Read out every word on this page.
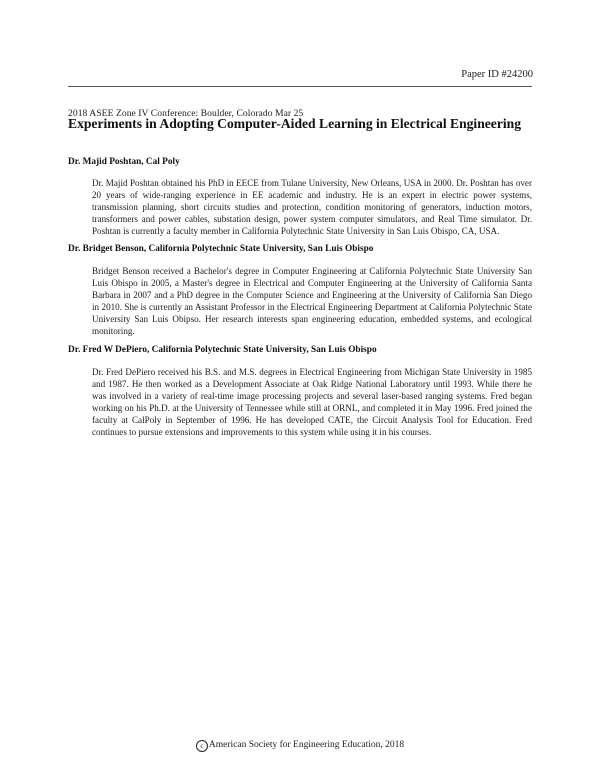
Paper ID #24200
2018 ASEE Zone IV Conference: Boulder, Colorado Mar 25
Experiments in Adopting Computer-Aided Learning in Electrical Engineering
Dr. Majid Poshtan, Cal Poly

Dr. Majid Poshtan obtained his PhD in EECE from Tulane University, New Orleans, USA in 2000. Dr. Poshtan has over 20 years of wide-ranging experience in EE academic and industry. He is an expert in electric power systems, transmission planning, short circuits studies and protection, condition monitoring of generators, induction motors, transformers and power cables, substation design, power system computer simulators, and Real Time simulator. Dr. Poshtan is currently a faculty member in California Polytechnic State University in San Luis Obispo, CA, USA.

Dr. Bridget Benson, California Polytechnic State University, San Luis Obispo

Bridget Benson received a Bachelor's degree in Computer Engineering at California Polytechnic State University San Luis Obispo in 2005, a Master's degree in Electrical and Computer Engineering at the University of California Santa Barbara in 2007 and a PhD degree in the Computer Science and Engineering at the University of California San Diego in 2010. She is currently an Assistant Professor in the Electrical Engineering Department at California Polytechnic State University San Luis Obipso. Her research interests span engineering education, embedded systems, and ecological monitoring.

Dr. Fred W DePiero, California Polytechnic State University, San Luis Obispo

Dr. Fred DePiero received his B.S. and M.S. degrees in Electrical Engineering from Michigan State University in 1985 and 1987. He then worked as a Development Associate at Oak Ridge National Laboratory until 1993. While there he was involved in a variety of real-time image processing projects and several laser-based ranging systems. Fred began working on his Ph.D. at the University of Tennessee while still at ORNL, and completed it in May 1996. Fred joined the faculty at CalPoly in September of 1996. He has developed CATE, the Circuit Analysis Tool for Education. Fred continues to pursue extensions and improvements to this system while using it in his courses.

c American Society for Engineering Education, 2018
